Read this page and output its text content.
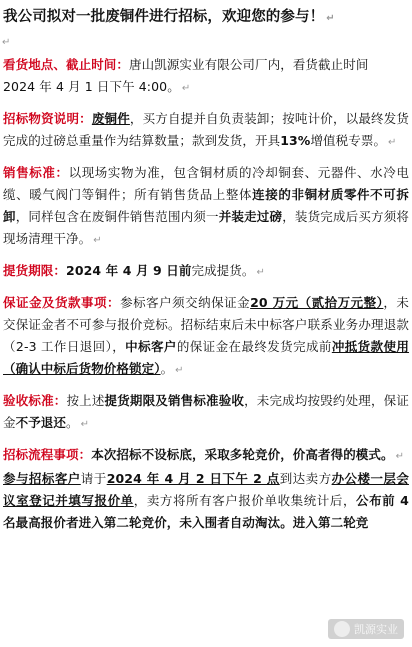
我公司拟对一批废铜件进行招标，欢迎您的参与！ ↵

↵

看货地点、截止时间：唐山凯源实业有限公司厂内，看货截止时间
2024 年 4 月 1 日下午 4:00。 ↵

招标物资说明：废铜件，买方自提并自负责装卸；按吨计价，以最终发货完成的过磅总重量作为结算数量；款到发货，开具13%增值税专票。 ↵

销售标准：以现场实物为准，包含铜材质的冷却铜套、元器件、水冷电缆、暖气阀门等铜件；所有销售货品上整体连接的非铜材质零件不可拆卸，同样包含在废铜件销售范围内须一并装走过磅，装货完成后买方须将现场清理干净。 ↵

提货期限：2024 年 4 月 9 日前完成提货。 ↵

保证金及货款事项：参标客户须交纳保证金20 万元（贰拾万元整），未交保证金者不可参与报价竞标。招标结束后未中标客户联系业务办理退款（2-3 工作日退回），中标客户的保证金在最终发货完成前冲抵货款使用（确认中标后货物价格锁定）。 ↵

验收标准：按上述提货期限及销售标准验收，未完成均按毁约处理，保证金不予退还。 ↵

招标流程事项：本次招标不设标底，采取多轮竞价，价高者得的模式。 ↵

参与招标客户请于2024 年 4 月 2 日下午 2 点到达卖方办公楼一层会议室登记并填写报价单，卖方将所有客户报价单收集统计后，公布前 4 名最高报价者进入第二轮竞价，未入围者自动淘汰。进入第二轮竞

凯源实业
